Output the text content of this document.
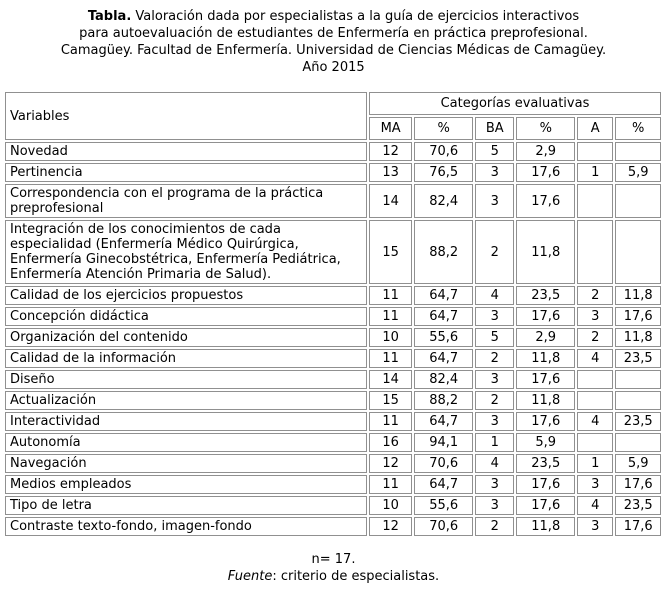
Tabla. Valoración dada por especialistas a la guía de ejercicios interactivos
para autoevaluación de estudiantes de Enfermería en práctica preprofesional.
Camagüey. Facultad de Enfermería. Universidad de Ciencias Médicas de Camagüey.
Año 2015
Variables	Categorías evaluativas					
	MA	%	BA	%	A	%
Novedad	12	70,6	5	2,9		
Pertinencia	13	76,5	3	17,6	1	5,9
Correspondencia con el programa de la práctica preprofesional	14	82,4	3	17,6		
Integración de los conocimientos de cada especialidad (Enfermería Médico Quirúrgica, Enfermería Ginecobstétrica, Enfermería Pediátrica, Enfermería Atención Primaria de Salud).	15	88,2	2	11,8		
Calidad de los ejercicios propuestos	11	64,7	4	23,5	2	11,8
Concepción didáctica	11	64,7	3	17,6	3	17,6
Organización del contenido	10	55,6	5	2,9	2	11,8
Calidad de la información	11	64,7	2	11,8	4	23,5
Diseño	14	82,4	3	17,6		
Actualización	15	88,2	2	11,8		
Interactividad	11	64,7	3	17,6	4	23,5
Autonomía	16	94,1	1	5,9		
Navegación	12	70,6	4	23,5	1	5,9
Medios empleados	11	64,7	3	17,6	3	17,6
Tipo de letra	10	55,6	3	17,6	4	23,5
Contraste texto-fondo, imagen-fondo	12	70,6	2	11,8	3	17,6
n= 17.
Fuente: criterio de especialistas.
